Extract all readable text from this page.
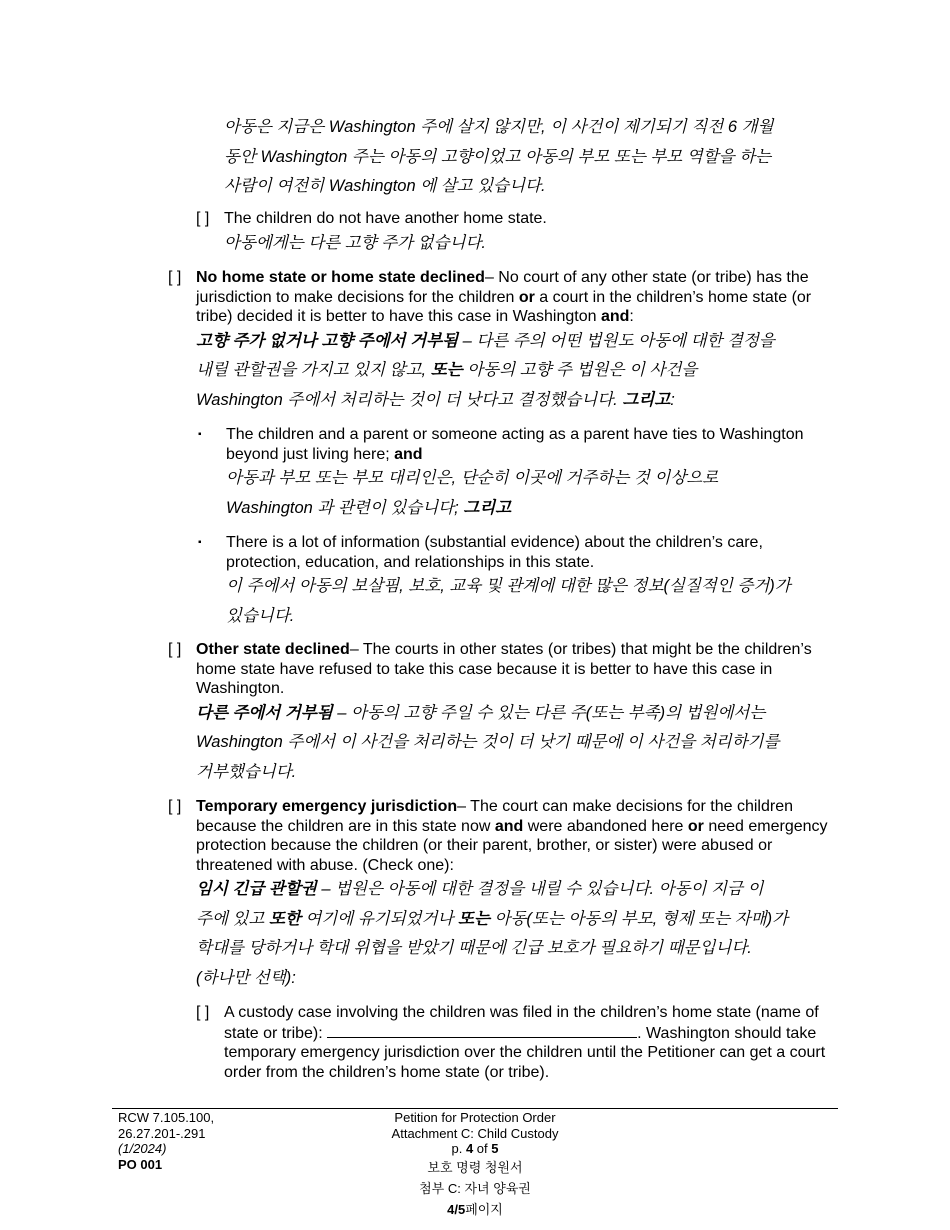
아동은 지금은 Washington 주에 살지 않지만, 이 사건이 제기되기 직전 6 개월
동안 Washington 주는 아동의 고향이었고 아동의 부모 또는 부모 역할을 하는
사람이 여전히 Washington 에 살고 있습니다.
[ ] The children do not have another home state.
아동에게는 다른 고향 주가 없습니다.
[ ] No home state or home state declined– No court of any other state (or tribe) has the jurisdiction to make decisions for the children or a court in the children’s home state (or tribe) decided it is better to have this case in Washington and:
고향 주가 없거나 고향 주에서 거부됨 – 다른 주의 어떤 법원도 아동에 대한 결정을
내릴 관할권을 가지고 있지 않고, 또는 아동의 고향 주 법원은 이 사건을
Washington 주에서 처리하는 것이 더 낫다고 결정했습니다. 그리고:
▪	The children and a parent or someone acting as a parent have ties to Washington beyond just living here; and
아동과 부모 또는 부모 대리인은, 단순히 이곳에 거주하는 것 이상으로
Washington 과 관련이 있습니다; 그리고
▪	There is a lot of information (substantial evidence) about the children’s care, protection, education, and relationships in this state.
이 주에서 아동의 보살핌, 보호, 교육 및 관계에 대한 많은 정보(실질적인 증거)가
있습니다.
[ ] Other state declined– The courts in other states (or tribes) that might be the children’s home state have refused to take this case because it is better to have this case in Washington.
다른 주에서 거부됨 – 아동의 고향 주일 수 있는 다른 주(또는 부족)의 법원에서는
Washington 주에서 이 사건을 처리하는 것이 더 낫기 때문에 이 사건을 처리하기를
거부했습니다.
[ ] Temporary emergency jurisdiction– The court can make decisions for the children because the children are in this state now and were abandoned here or need emergency protection because the children (or their parent, brother, or sister) were abused or threatened with abuse. (Check one):
임시 긴급 관할권 – 법원은 아동에 대한 결정을 내릴 수 있습니다. 아동이 지금 이
주에 있고 또한 여기에 유기되었거나 또는 아동(또는 아동의 부모, 형제 또는 자매)가
학대를 당하거나 학대 위협을 받았기 때문에 긴급 보호가 필요하기 때문입니다.
(하나만 선택):
[ ] A custody case involving the children was filed in the children’s home state (name of state or tribe):	. Washington should take temporary emergency jurisdiction over the children until the Petitioner can get a court order from the children’s home state (or tribe).
RCW 7.105.100,
26.27.201-.291
(1/2024)
PO 001
Petition for Protection Order
Attachment C: Child Custody
p. 4 of 5
보호 명령 청원서
첨부 C: 자녀 양육권
4/5페이지
